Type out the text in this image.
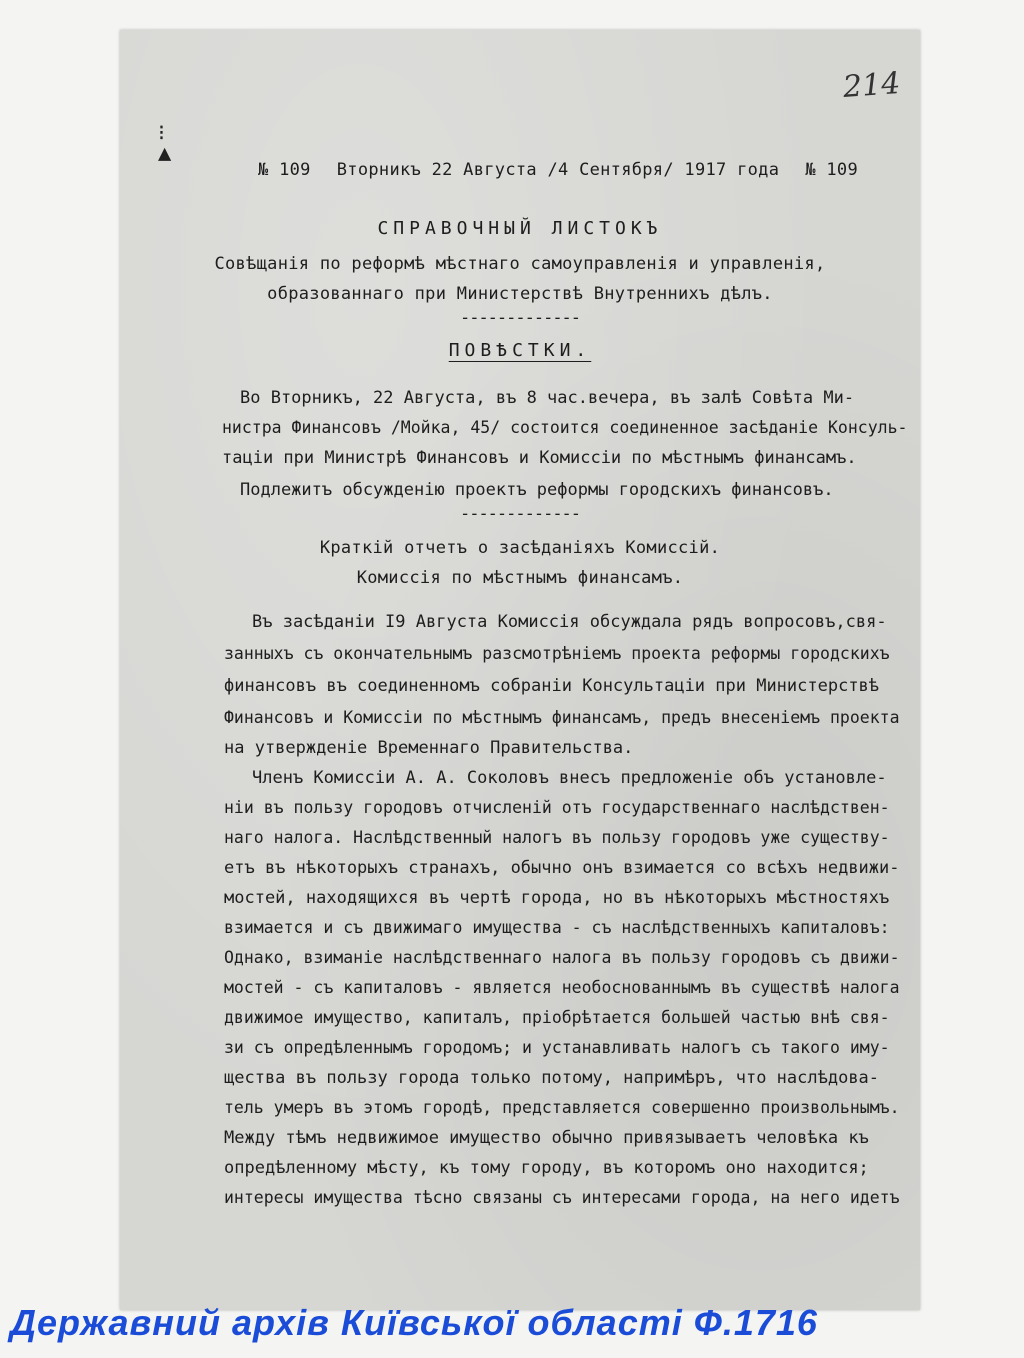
214
⁝
▲
№ 109 Вторникъ 22 Августа /4 Сентября/ 1917 года № 109
СПРАВОЧНЫЙ ЛИСТОКЪ
Совѣщанія по реформѣ мѣстнаго самоуправленія и управленія,
образованнаго при Министерствѣ Внутреннихъ дѣлъ.
-------------
ПОВѢСТКИ.
Во Вторникъ, 22 Августа, въ 8 час.вечера, въ залѣ Совѣта Ми-
нистра Финансовъ /Мойка, 45/ состоится соединенное засѣданіе Консуль-
таціи при Министрѣ Финансовъ и Комиссіи по мѣстнымъ финансамъ.
Подлежитъ обсужденію проектъ реформы городскихъ финансовъ.
-------------
Краткій отчетъ о засѣданіяхъ Комиссій.
Комиссія по мѣстнымъ финансамъ.
Въ засѣданіи I9 Августа Комиссія обсуждала рядъ вопросовъ,свя-
занныхъ съ окончательнымъ разсмотрѣніемъ проекта реформы городскихъ
финансовъ въ соединенномъ собраніи Консультаціи при Министерствѣ
Финансовъ и Комиссіи по мѣстнымъ финансамъ, предъ внесеніемъ проекта
на утвержденіе Временнаго Правительства.
Членъ Комиссіи А. А. Соколовъ внесъ предложеніе объ установле-
ніи въ пользу городовъ отчисленій отъ государственнаго наслѣдствен-
наго налога. Наслѣдственный налогъ въ пользу городовъ уже существу-
етъ въ нѣкоторыхъ странахъ, обычно онъ взимается со всѣхъ недвижи-
мостей, находящихся въ чертѣ города, но въ нѣкоторыхъ мѣстностяхъ
взимается и съ движимаго имущества - съ наслѣдственныхъ капиталовъ:
Однако, взиманіе наслѣдственнаго налога въ пользу городовъ съ движи-
мостей - съ капиталовъ - является необоснованнымъ въ существѣ налога
движимое имущество, капиталъ, пріобрѣтается большей частью внѣ свя-
зи съ опредѣленнымъ городомъ; и устанавливать налогъ съ такого иму-
щества въ пользу города только потому, напримѣръ, что наслѣдова-
тель умеръ въ этомъ городѣ, представляется совершенно произвольнымъ.
Между тѣмъ недвижимое имущество обычно привязываетъ человѣка къ
опредѣленному мѣсту, къ тому городу, въ которомъ оно находится;
интересы имущества тѣсно связаны съ интересами города, на него идетъ
Державний архів Київської області Ф.1716
